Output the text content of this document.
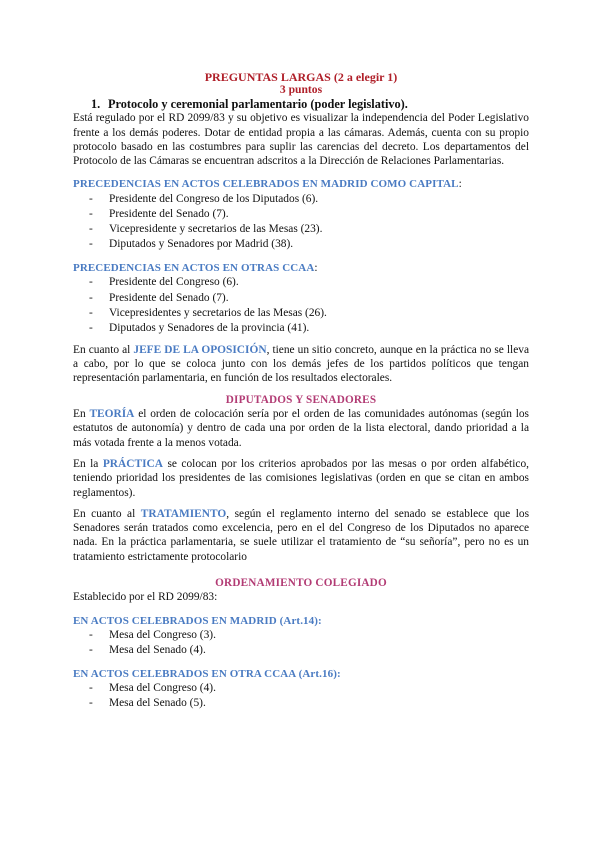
PREGUNTAS LARGAS (2 a elegir 1)
3 puntos
1. Protocolo y ceremonial parlamentario (poder legislativo).

Está regulado por el RD 2099/83 y su objetivo es visualizar la independencia del Poder Legislativo frente a los demás poderes. Dotar de entidad propia a las cámaras. Además, cuenta con su propio protocolo basado en las costumbres para suplir las carencias del decreto. Los departamentos del Protocolo de las Cámaras se encuentran adscritos a la Dirección de Relaciones Parlamentarias.

PRECEDENCIAS EN ACTOS CELEBRADOS EN MADRID COMO CAPITAL:
- Presidente del Congreso de los Diputados (6).
- Presidente del Senado (7).
- Vicepresidente y secretarios de las Mesas (23).
- Diputados y Senadores por Madrid (38).
PRECEDENCIAS EN ACTOS EN OTRAS CCAA:
- Presidente del Congreso (6).
- Presidente del Senado (7).
- Vicepresidentes y secretarios de las Mesas (26).
- Diputados y Senadores de la provincia (41).

En cuanto al JEFE DE LA OPOSICIÓN, tiene un sitio concreto, aunque en la práctica no se lleva a cabo, por lo que se coloca junto con los demás jefes de los partidos políticos que tengan representación parlamentaria, en función de los resultados electorales.

DIPUTADOS Y SENADORES

En TEORÍA el orden de colocación sería por el orden de las comunidades autónomas (según los estatutos de autonomía) y dentro de cada una por orden de la lista electoral, dando prioridad a la más votada frente a la menos votada.

En la PRÁCTICA se colocan por los criterios aprobados por las mesas o por orden alfabético, teniendo prioridad los presidentes de las comisiones legislativas (orden en que se citan en ambos reglamentos).

En cuanto al TRATAMIENTO, según el reglamento interno del senado se establece que los Senadores serán tratados como excelencia, pero en el del Congreso de los Diputados no aparece nada. En la práctica parlamentaria, se suele utilizar el tratamiento de “su señoría”, pero no es un tratamiento estrictamente protocolario

ORDENAMIENTO COLEGIADO
Establecido por el RD 2099/83:
EN ACTOS CELEBRADOS EN MADRID (Art.14):
- Mesa del Congreso (3).
- Mesa del Senado (4).
EN ACTOS CELEBRADOS EN OTRA CCAA (Art.16):
- Mesa del Congreso (4).
- Mesa del Senado (5).
